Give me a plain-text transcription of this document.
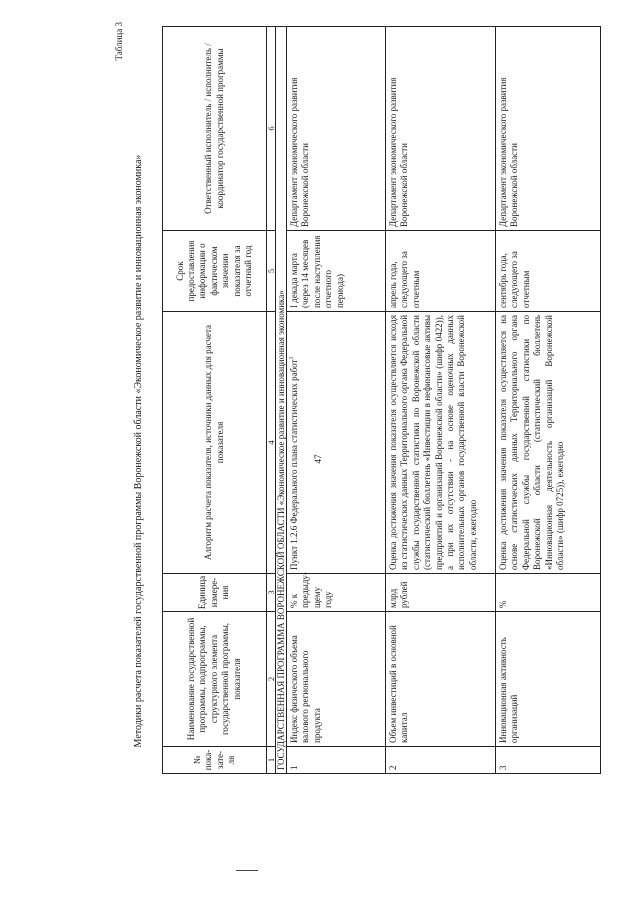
47
Таблица 3
Методики расчета показателей государственной программы Воронежской области «Экономическое развитие и инновационная экономика»
№ пока-зате-ля
Наименование государственной программы, подпрограммы, структурного элемента государственной программы, показателя
Единица измере-ния
Алгоритм расчета показателя, источники данных для расчета показателя
Срок предоставления информации о фактическом значении показателя за отчетный год
Ответственный исполнитель / исполнитель / координатор государственной программы
1
2
3
4
5
6
ГОСУДАРСТВЕННАЯ ПРОГРАММА ВОРОНЕЖСКОЙ ОБЛАСТИ «Экономическое развитие и инновационная экономика» 1
Индекс физического объема валового регионального продукта
% к предыду-щему году
Пункт 1.2.6 Федерального плана статистических работ$^1$
I декада марта (через 14 месяцев после наступления отчетного периода)
Департамент экономического развития Воронежской области
2
Объем инвестиций в основной капитал
млрд рублей
Оценка достижения значения показателя осуществляется исходя из статистических данных Территориального органа Федеральной службы государственной статистики по Воронежской области (статистический бюллетень «Инвестиции в нефинансовые активы предприятий и организаций Воронежской области» (шифр 0422)), а при их отсутствии - на основе оценочных данных исполнительных органов государственной власти Воронежской области, ежегодно
апрель года, следующего за отчетным
Департамент экономического развития Воронежской области
3
Инновационная активность организаций
%
Оценка достижения значения показателя осуществляется на основе статистических данных Территориального органа Федеральной службы государственной статистики по Воронежской области (статистический бюллетень «Инновационная деятельность организаций Воронежской области» (шифр 0725)), ежегодно
сентябрь года, следующего за отчетным
Департамент экономического развития Воронежской области
